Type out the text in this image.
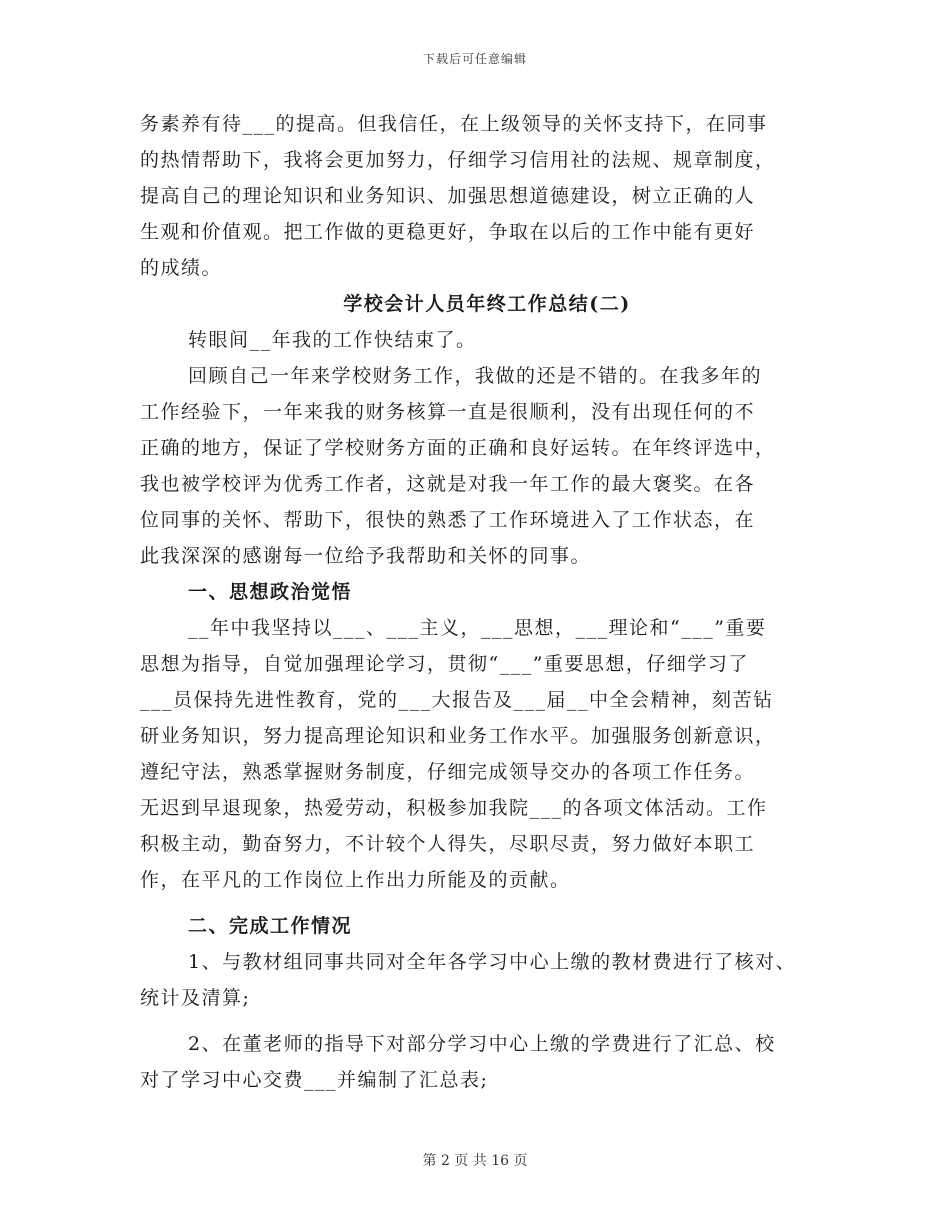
下载后可任意编辑

务素养有待___的提高。但我信任，在上级领导的关怀支持下，在同事

的热情帮助下，我将会更加努力，仔细学习信用社的法规、规章制度，

提高自己的理论知识和业务知识、加强思想道德建设，树立正确的人

生观和价值观。把工作做的更稳更好，争取在以后的工作中能有更好

的成绩。

学校会计人员年终工作总结(二)

转眼间__年我的工作快结束了。

回顾自己一年来学校财务工作，我做的还是不错的。在我多年的

工作经验下，一年来我的财务核算一直是很顺利，没有出现任何的不

正确的地方，保证了学校财务方面的正确和良好运转。在年终评选中，

我也被学校评为优秀工作者，这就是对我一年工作的最大褒奖。在各

位同事的关怀、帮助下，很快的熟悉了工作环境进入了工作状态，在

此我深深的感谢每一位给予我帮助和关怀的同事。

一、思想政治觉悟

__年中我坚持以___、___主义，___思想，___理论和“___”重要

思想为指导，自觉加强理论学习，贯彻“___”重要思想，仔细学习了

___员保持先进性教育，党的___大报告及___届__中全会精神，刻苦钻

研业务知识，努力提高理论知识和业务工作水平。加强服务创新意识，

遵纪守法，熟悉掌握财务制度，仔细完成领导交办的各项工作任务。

无迟到早退现象，热爱劳动，积极参加我院___的各项文体活动。工作

积极主动，勤奋努力，不计较个人得失，尽职尽责，努力做好本职工

作，在平凡的工作岗位上作出力所能及的贡献。

二、完成工作情况

1、与教材组同事共同对全年各学习中心上缴的教材费进行了核对、

统计及清算;

2、在董老师的指导下对部分学习中心上缴的学费进行了汇总、校

对了学习中心交费___并编制了汇总表;

第 2 页 共 16 页
